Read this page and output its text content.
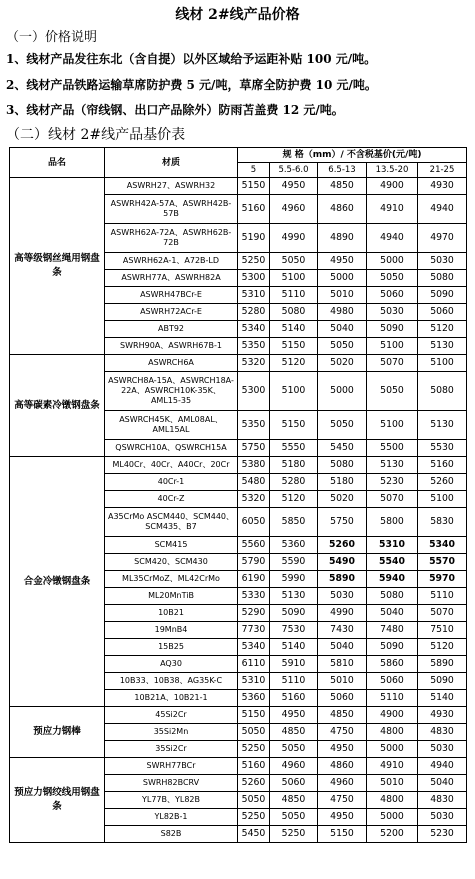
线材 2#线产品价格
（一）价格说明
1、线材产品发往东北（含自提）以外区域给予运距补贴 100 元/吨。
2、线材产品铁路运输草席防护费 5 元/吨，草席全防护费 10 元/吨。
3、线材产品（帘线钢、出口产品除外）防雨苫盖费 12 元/吨。
（二）线材 2#线产品基价表
品名	材质	规 格（mm）/ 不含税基价(元/吨)				
		5	5.5-6.0	6.5-13	13.5-20	21-25
高等级钢丝绳用钢盘条	ASWRH27、ASWRH32	5150	4950	4850	4900	4930
	ASWRH42A-57A、ASWRH42B-57B	5160	4960	4860	4910	4940
	ASWRH62A-72A、ASWRH62B-72B	5190	4990	4890	4940	4970
	ASWRH62A-1、A72B-LD	5250	5050	4950	5000	5030
	ASWRH77A、ASWRH82A	5300	5100	5000	5050	5080
	ASWRH47BCr-E	5310	5110	5010	5060	5090
	ASWRH72ACr-E	5280	5080	4980	5030	5060
	ABT92	5340	5140	5040	5090	5120
	SWRH90A、ASWRH67B-1	5350	5150	5050	5100	5130
高等碳素冷镦钢盘条	ASWRCH6A	5320	5120	5020	5070	5100
	ASWRCH8A-15A、ASWRCH18A-22A、ASWRCH10K-35K、AML15-35	5300	5100	5000	5050	5080
	ASWRCH45K、AML08AL、AML15AL	5350	5150	5050	5100	5130
	QSWRCH10A、QSWRCH15A	5750	5550	5450	5500	5530
合金冷镦钢盘条	ML40Cr、40Cr、A40Cr、20Cr	5380	5180	5080	5130	5160
	40Cr-1	5480	5280	5180	5230	5260
	40Cr-Z	5320	5120	5020	5070	5100
	A35CrMo ASCM440、SCM440、SCM435、B7	6050	5850	5750	5800	5830
	SCM415	5560	5360	5260	5310	5340
	SCM420、SCM430	5790	5590	5490	5540	5570
	ML35CrMoZ、ML42CrMo	6190	5990	5890	5940	5970
	ML20MnTiB	5330	5130	5030	5080	5110
	10B21	5290	5090	4990	5040	5070
	19MnB4	7730	7530	7430	7480	7510
	15B25	5340	5140	5040	5090	5120
	AQ30	6110	5910	5810	5860	5890
	10B33、10B38、AG35K-C	5310	5110	5010	5060	5090
	10B21A、10B21-1	5360	5160	5060	5110	5140
预应力钢棒	45Si2Cr	5150	4950	4850	4900	4930
	35Si2Mn	5050	4850	4750	4800	4830
	35Si2Cr	5250	5050	4950	5000	5030
预应力钢绞线用钢盘条	SWRH77BCr	5160	4960	4860	4910	4940
	SWRH82BCRV	5260	5060	4960	5010	5040
	YL77B、YL82B	5050	4850	4750	4800	4830
	YL82B-1	5250	5050	4950	5000	5030
	S82B	5450	5250	5150	5200	5230
